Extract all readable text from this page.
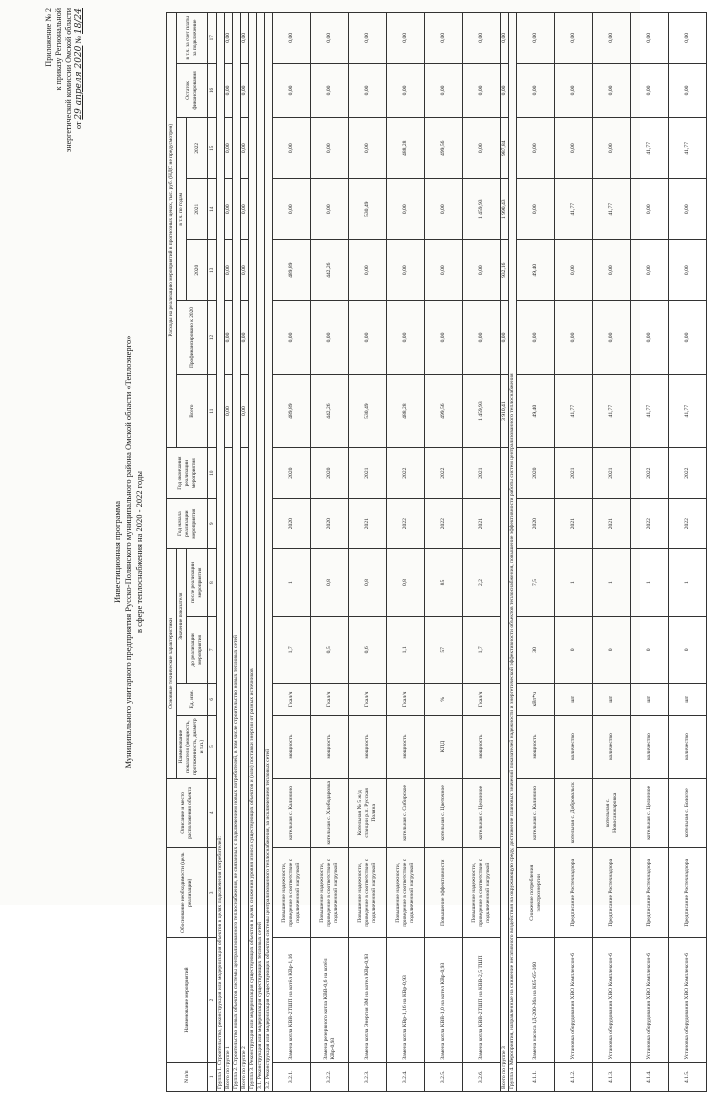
Приложение № 2 к приказу Региональной энергетической комиссии Омской области от 29 апреля 2020 № 18/24
Инвестиционная программа Муниципального унитарного предприятия Русско-Полянского муниципального района Омской области «Теплоэнерго» в сфере теплоснабжения на 2020 - 2022 годы
N п/п	Наименование мероприятий	Обоснование необходимости (цель реализации)	Описание и место расположения объекта	Основные технические характеристики				Год начала реализации мероприятия	Год окончания реализации мероприятия	Расходы на реализацию мероприятий в прогнозных ценах, тыс. руб. (НДС не предусмотрен)						
				Наименование показателя (мощность, протяженность, диаметр и т.п.)	Ед. изм.	Значение показателя				Всего	Профинансировано к 2020	в т.ч. по годам			Остаток финансирования	в т.ч. за счет платы за подключение
						до реализации мероприятия	после реализации мероприятия					2020	2021	2022		

1	2	3	4	5	6	7	8	9	10	11	12	13	14	15	16	17
Группа 1. Строительство, реконструкция или модернизация объектов в целях подключения потребителей:																
Всего по группе 1										0,00	0,00	0,00	0,00	0,00	0,00	0,00
Группа 2. Строительство новых объектов системы централизованного теплоснабжения, не связанных с подключением новых потребителей, в том числе строительство новых тепловых сетей																
Всего по группе 2										0,00	0,00	0,00	0,00	0,00	0,00	0,00
Группа 3. Реконструкция или модернизация существующих объектов в целях снижения уровня износа существующих объектов и (или) поставки энергии от разных источников																
3.1. Реконструкция или модернизация существующих тепловых сетей																
3.2. Реконструкция или модернизация существующих объектов системы централизованного теплоснабжения, за исключением тепловых сетей																
3.2.1.	Замена котла КВВ-2ТШП на котёл КВр-1,16	Повышение надежности, приведение в соответствие с подключенной нагрузкой	котельная с. Калинино	мощность	Гкал/ч	1,7	1	2020	2020	489,89	0,00	489,89	0,00	0,00	0,00	0,00
3.2.2.	Замена резервного котла КВВ-0,6 на котёл КВр-0,93	Повышение надежности, приведение в соответствие с подключенной нагрузкой	котельная с. Хлебодаровка	мощность	Гкал/ч	0,5	0,8	2020	2020	442,26	0,00	442,26	0,00	0,00	0,00	0,00
3.2.3.	Замена котла Энергия 3М на котел КВр-0,93	Повышение надежности, приведение в соответствие с подключенной нагрузкой	Котельная № 5 ж/д станции р.п. Русская Поляна	мощность	Гкал/ч	0,6	0,8	2021	2021	530,49	0,00	0,00	530,49	0,00	0,00	0,00
3.2.4.	Замена котла КВр-1,16 на КВр-0,93	Повышение надежности, приведение в соответствие с подключенной нагрузкой	котельная с. Сибирское	мощность	Гкал/ч	1,1	0,8	2022	2022	488,28	0,00	0,00	0,00	488,28	0,00	0,00
3.2.5.	Замена котла КВВ-1,0 на котел КВр-0,93	Повышение эффективности	котельная с. Цветочное	КПД	%	57	85	2022	2022	499,56	0,00	0,00	0,00	499,56	0,00	0,00
3.2.6.	Замена котла КВВ-2ТШП на КВВ-2,5 ТШП	Повышение надежности, приведение в соответствие с подключенной нагрузкой	котельная с. Целинное	мощность	Гкал/ч	1,7	2,2	2021	2021	1 459,93	0,00	0,00	1 459,93	0,00	0,00	0,00
Всего по группе 3										3 910,41	0,00	932,16	1 990,43	987,84	0,00	0,00
Группа 4. Мероприятия, направленные на снижение негативного воздействия на окружающую среду, достижение плановых значений показателей надежности и энергетической эффективности объектов теплоснабжения, повышение эффективности работы систем централизованного теплоснабжения																
4.1.1.	Замена насоса 1Д-200-36а на К65-65-160	Снижение потребления электроэнергии	котельная с. Калинино	мощность	кВт*ч	30	7,5	2020	2020	49,40	0,00	49,40	0,00	0,00	0,00	0,00
4.1.2.	Установка оборудования ХВО Комплексон-6	Предписание Ростехнадзора	котельная с. Добровольск	количество	шт	0	1	2021	2021	41,77	0,00	0,00	41,77	0,00	0,00	0,00
4.1.3.	Установка оборудования ХВО Комплексон-6	Предписание Ростехнадзора	котельная с. Новосанжаровка	количество	шт	0	1	2021	2021	41,77	0,00	0,00	41,77	0,00	0,00	0,00
4.1.4.	Установка оборудования ХВО Комплексон-6	Предписание Ростехнадзора	котельная с. Целинное	количество	шт	0	1	2022	2022	41,77	0,00	0,00	0,00	41,77	0,00	0,00
4.1.5.	Установка оборудования ХВО Комплексон-6	Предписание Ростехнадзора	котельная с. Бологое	количество	шт	0	1	2022	2022	41,77	0,00	0,00	0,00	41,77	0,00	0,00
